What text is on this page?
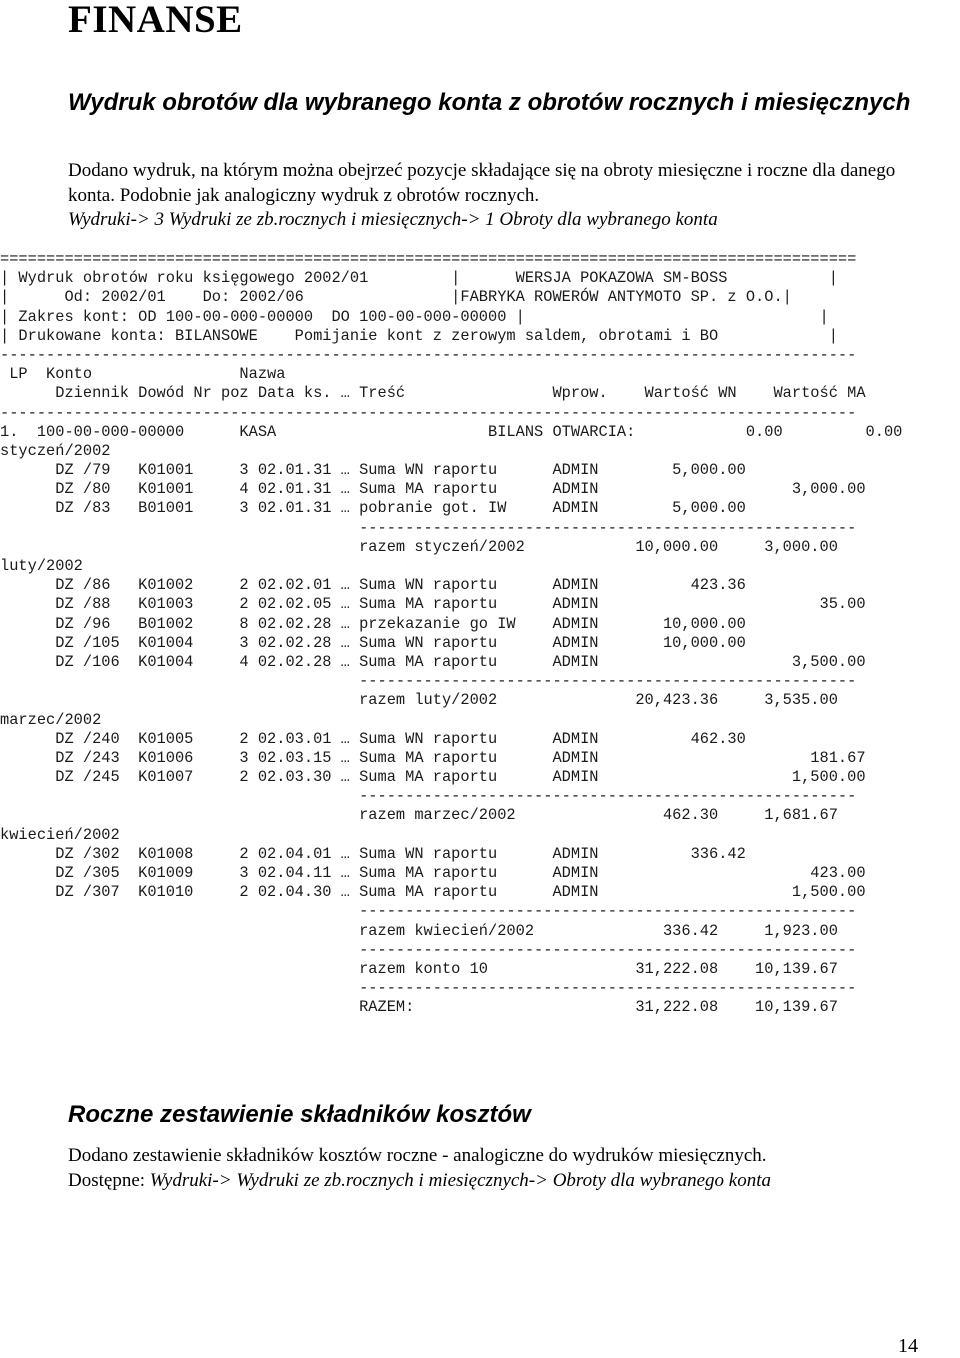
FINANSE
Wydruk obrotów dla wybranego konta z obrotów rocznych i miesięcznych
Dodano wydruk, na którym można obejrzeć pozycje składające się na obroty miesięczne i roczne dla danego konta. Podobnie jak analogiczny wydruk z obrotów rocznych.
Wydruki-> 3 Wydruki ze zb.rocznych i miesięcznych-> 1 Obroty dla wybranego konta
=============================================================================================
| Wydruk obrotów roku księgowego 2002/01         |      WERSJA POKAZOWA SM-BOSS           |
|      Od: 2002/01    Do: 2002/06                |FABRYKA ROWERÓW ANTYMOTO SP. z O.O.|
| Zakres kont: OD 100-00-000-00000  DO 100-00-000-00000 |                                |
| Drukowane konta: BILANSOWE    Pomijanie kont z zerowym saldem, obrotami i BO            |
---------------------------------------------------------------------------------------------
LP  Konto                Nazwa
Dziennik Dowód Nr poz Data ks. … Treść                Wprow.    Wartość WN    Wartość MA
---------------------------------------------------------------------------------------------
1.  100-00-000-00000      KASA                       BILANS OTWARCIA:            0.00         0.00
styczeń/2002
DZ /79   K01001     3 02.01.31 … Suma WN raportu      ADMIN        5,000.00
DZ /80   K01001     4 02.01.31 … Suma MA raportu      ADMIN                     3,000.00
DZ /83   B01001     3 02.01.31 … pobranie got. IW     ADMIN        5,000.00
------------------------------------------------------
razem styczeń/2002            10,000.00     3,000.00
luty/2002
DZ /86   K01002     2 02.02.01 … Suma WN raportu      ADMIN          423.36
DZ /88   K01003     2 02.02.05 … Suma MA raportu      ADMIN                        35.00
DZ /96   B01002     8 02.02.28 … przekazanie go IW    ADMIN       10,000.00
DZ /105  K01004     3 02.02.28 … Suma WN raportu      ADMIN       10,000.00
DZ /106  K01004     4 02.02.28 … Suma MA raportu      ADMIN                     3,500.00
------------------------------------------------------
razem luty/2002               20,423.36     3,535.00
marzec/2002
DZ /240  K01005     2 02.03.01 … Suma WN raportu      ADMIN          462.30
DZ /243  K01006     3 02.03.15 … Suma MA raportu      ADMIN                       181.67
DZ /245  K01007     2 02.03.30 … Suma MA raportu      ADMIN                     1,500.00
------------------------------------------------------
razem marzec/2002                462.30     1,681.67
kwiecień/2002
DZ /302  K01008     2 02.04.01 … Suma WN raportu      ADMIN          336.42
DZ /305  K01009     3 02.04.11 … Suma MA raportu      ADMIN                       423.00
DZ /307  K01010     2 02.04.30 … Suma MA raportu      ADMIN                     1,500.00
------------------------------------------------------
razem kwiecień/2002              336.42     1,923.00
------------------------------------------------------
razem konto 10                31,222.08    10,139.67
------------------------------------------------------
RAZEM:                        31,222.08    10,139.67
Roczne zestawienie składników kosztów
Dodano zestawienie składników kosztów roczne - analogiczne do wydruków miesięcznych.
Dostępne: Wydruki-> Wydruki ze zb.rocznych i miesięcznych-> Obroty dla wybranego konta
14
